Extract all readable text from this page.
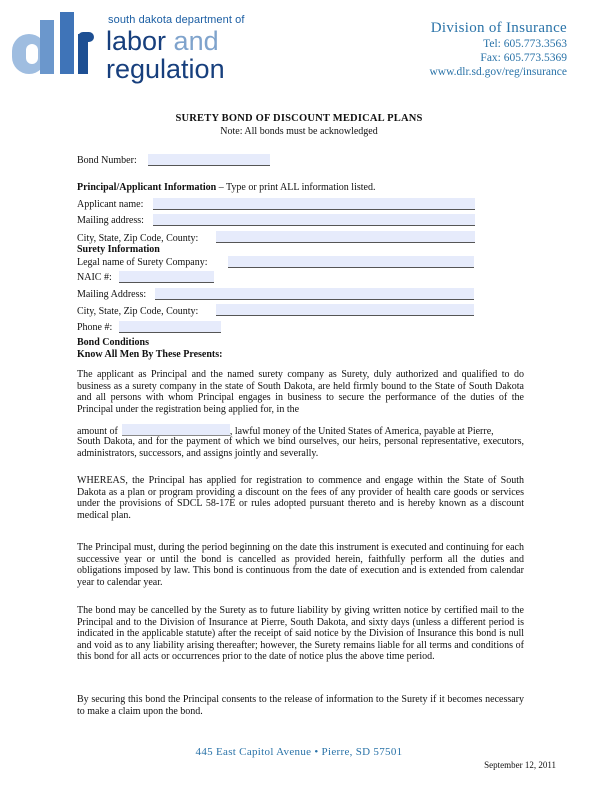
south dakota department of
labor and
regulation
Division of Insurance
Tel: 605.773.3563
Fax: 605.773.5369
www.dlr.sd.gov/reg/insurance
SURETY BOND OF DISCOUNT MEDICAL PLANS
Note: All bonds must be acknowledged
Bond Number:
Principal/Applicant Information – Type or print ALL information listed.
Applicant name:
Mailing address:
City, State, Zip Code, County:
Surety Information
Legal name of Surety Company:
NAIC #:
Mailing Address:
City, State, Zip Code, County:
Phone #:
Bond Conditions
Know All Men By These Presents:
The applicant as Principal and the named surety company as Surety, duly authorized and qualified to do business as a surety company in the state of South Dakota, are held firmly bound to the State of South Dakota and all persons with whom Principal engages in business to secure the performance of the duties of the Principal under the registration being applied for, in the
amount of	, lawful money of the United States of America, payable at Pierre,
South Dakota, and for the payment of which we bind ourselves, our heirs, personal representative, executors, administrators, successors, and assigns jointly and severally.
WHEREAS, the Principal has applied for registration to commence and engage within the State of South Dakota as a plan or program providing a discount on the fees of any provider of health care goods or services under the provisions of SDCL 58-17E or rules adopted pursuant thereto and is hereby known as a discount medical plan.
The Principal must, during the period beginning on the date this instrument is executed and continuing for each successive year or until the bond is cancelled as provided herein, faithfully perform all the duties and obligations imposed by law. This bond is continuous from the date of execution and is extended from calendar year to calendar year.
The bond may be cancelled by the Surety as to future liability by giving written notice by certified mail to the Principal and to the Division of Insurance at Pierre, South Dakota, and sixty days (unless a different period is indicated in the applicable statute) after the receipt of said notice by the Division of Insurance this bond is null and void as to any liability arising thereafter; however, the Surety remains liable for all terms and conditions of this bond for all acts or occurrences prior to the date of notice plus the above time period.
By securing this bond the Principal consents to the release of information to the Surety if it becomes necessary to make a claim upon the bond.
445 East Capitol Avenue • Pierre, SD 57501
September 12, 2011
